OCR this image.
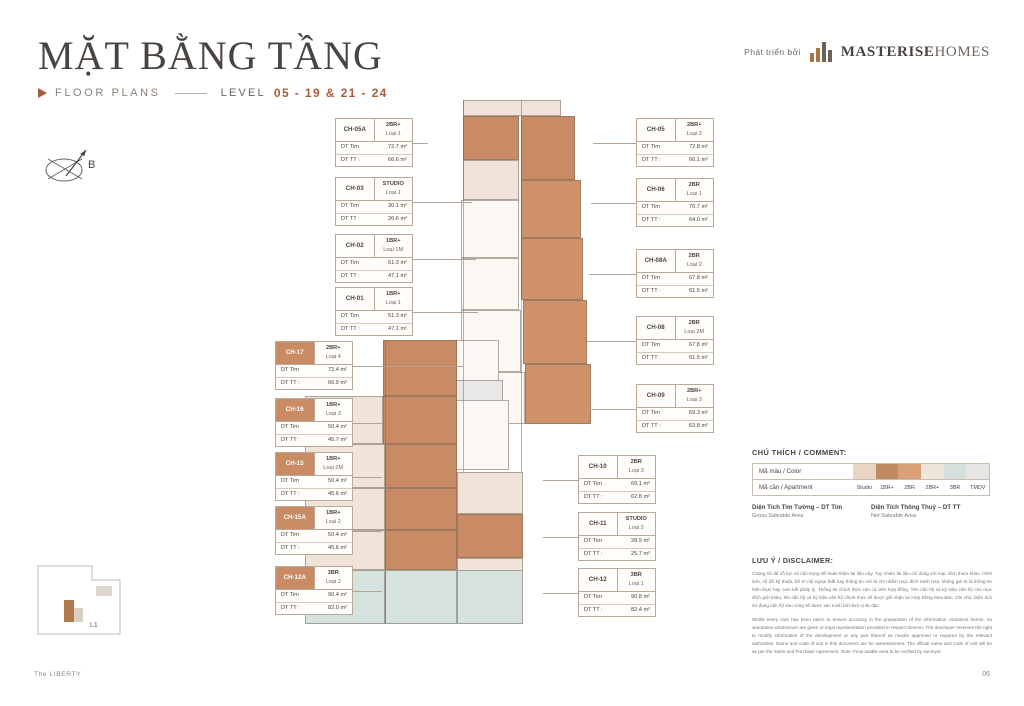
MẶT BẰNG TẦNG
FLOOR PLANS	LEVEL 05 - 19 & 21 - 24
Phát triển bởi	MASTERISEHOMES
B
CH-05A
2BR+
Loại 1
DT Tim	72.7 m²
DT TT :	66.6 m²
CH-03
STUDIO
Loại 1
DT Tim	30.1 m²
DT TT :	26.6 m²
CH-02
1BR+
Loại 1M
DT Tim	51.3 m²
DT TT :	47.1 m²
CH-01
1BR+
Loại 1
DT Tim	51.3 m²
DT TT :	47.1 m²
CH-17
2BR+
Loại 4
DT Tim	72.4 m²
DT TT :	66.9 m²
CH-16
1BR+
Loại 3
DT Tim	50.4 m²
DT TT :	45.7 m²
CH-15
1BR+
Loại 2M
DT Tim	50.4 m²
DT TT :	45.6 m²
CH-15A
1BR+
Loại 2
DT Tim	50.4 m²
DT TT :	45.6 m²
CH-12A
3BR
Loại 2
DT Tim	90.4 m²
DT TT :	82.0 m²
CH-05
2BR+
Loại 2
DT Tim	72.8 m²
DT TT :	66.1 m²
CH-06
2BR
Loại 1
DT Tim	70.7 m²
DT TT :	64.0 m²
CH-08A
2BR
Loại 2
DT Tim	67.8 m²
DT TT :	61.5 m²
CH-08
2BR
Loại 2M
DT Tim	67.8 m²
DT TT :	61.5 m²
CH-09
2BR+
Loại 3
DT Tim	69.3 m²
DT TT :	63.8 m²
CH-10
2BR
Loại 3
DT Tim	69.1 m²
DT TT :	62.8 m²
CH-11
STUDIO
Loại 2
DT Tim	28.9 m²
DT TT :	25.7 m²
CH-12
3BR
Loại 1
DT Tim	90.8 m²
DT TT :	82.4 m²
CHÚ THÍCH / COMMENT:
Mã màu / Color
Mã căn / Apartment	Studio	1BR+	2BR	2BR+	3BR	TMDV
Diện Tích Tim Tường – DT Tim
Gross Saleable Area
Diện Tích Thông Thuỷ – DT TT
Net Saleable Area
LƯU Ý / DISCLAIMER:

Chúng tôi đã nỗ lực và cẩn trọng để hoàn thiện tài liệu này. Tuy nhiên tài liệu chỉ dùng với mục đích tham khảo. Hình ảnh, số đồ kỹ thuật, bố trí nội ngoại thất hay thông tin mô tả chỉ nhằm mục đích minh hoạ, không giá trị là thông tin hiện thực hay cam kết pháp lý. Thông tin chính thức căn cứ trên hợp đồng. Tên căn hộ và ký hiệu căn hộ cho mục đích giới thiệu, tên căn hộ và ký hiệu căn hộ chính thức sẽ được ghi nhận tại Hợp Đồng Mua Bán. Ghi chú: Diện tích sử dụng căn hộ sau cùng sẽ được xác minh bởi đơn vị đo đạc.

Whilst every care has been taken to ensure accuracy in the preparation of the information contained herein, no warranties whatsoever are given or legal representation provided in respect thereon. The developer reserves the right to modify information of the development or any part thereof as maybe approved or required by the relevant authorities. Name and code of unit in this document are for advertisement. The official name and code of unit will be as per the Sales and Purchase Agreement. Note: Final usable area to be verified by surveyor.

L1
The LIBERTY	06
